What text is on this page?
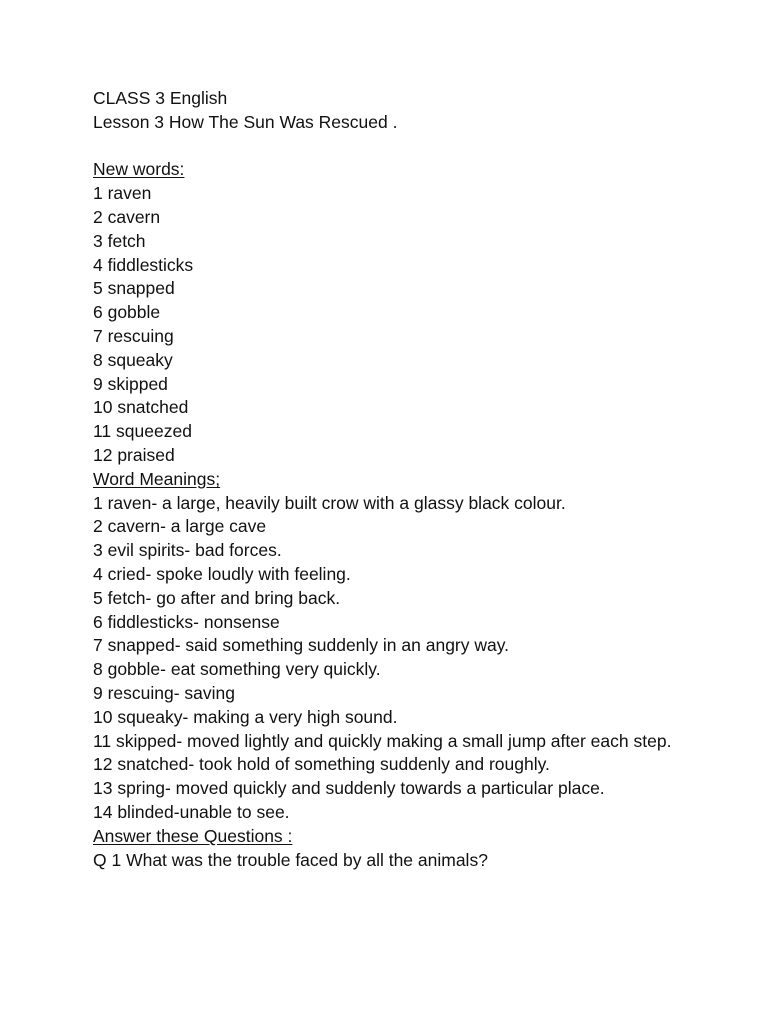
CLASS 3 English

Lesson 3 How The Sun Was Rescued .

New words:

1 raven

2 cavern

3 fetch

4 fiddlesticks

5 snapped

6 gobble

7 rescuing

8 squeaky

9 skipped

10 snatched

11 squeezed

12 praised

Word Meanings;

1 raven- a large, heavily built crow with a glassy black colour.

2 cavern- a large cave

3 evil spirits- bad forces.

4 cried- spoke loudly with feeling.

5 fetch- go after and bring back.

6 fiddlesticks- nonsense

7 snapped- said something suddenly in an angry way.

8 gobble- eat something very quickly.

9 rescuing- saving

10 squeaky- making a very high sound.

11 skipped- moved lightly and quickly making a small jump after each step.

12 snatched- took hold of something suddenly and roughly.

13 spring- moved quickly and suddenly towards a particular place.

14 blinded-unable to see.

Answer these Questions :

Q 1 What was the trouble faced by all the animals?
